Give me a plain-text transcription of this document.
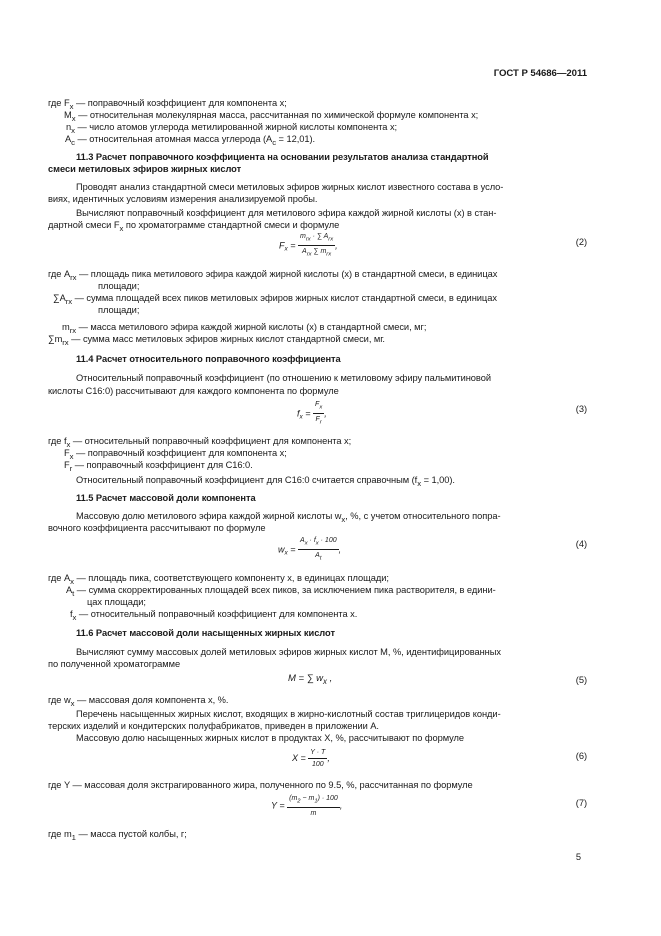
ГОСТ Р 54686—2011
где $F_x$ — поправочный коэффициент для компонента x;
$M_x$ — относительная молекулярная масса, рассчитанная по химической формуле компонента x;
$n_x$ — число атомов углерода метилированной жирной кислоты компонента x;
$A_c$ — относительная атомная масса углерода $(A_c = 12,01)$.
11.3 Расчет поправочного коэффициента на основании результатов анализа стандартной
смеси метиловых эфиров жирных кислот
Проводят анализ стандартной смеси метиловых эфиров жирных кислот известного состава в усло-
виях, идентичных условиям измерения анализируемой пробы.
Вычисляют поправочный коэффициент для метилового эфира каждой жирной кислоты (x) в стан-
дартной смеси $F_x$ по хроматограмме стандартной смеси и формуле
$F_x = \frac{m_{rx} \cdot \sum A_{rx}}{A_{rx} \sum m_{rx}}$ ,	(2)
где $A_{rx}$ — площадь пика метилового эфира каждой жирной кислоты (x) в стандартной смеси, в единицах
площади;
$\sum A_{rx}$ — сумма площадей всех пиков метиловых эфиров жирных кислот стандартной смеси, в единицах
площади;
$m_{rx}$ — масса метилового эфира каждой жирной кислоты (x) в стандартной смеси, мг;
$\sum m_{rx}$ — сумма масс метиловых эфиров жирных кислот стандартной смеси, мг.
11.4 Расчет относительного поправочного коэффициента
Относительный поправочный коэффициент (по отношению к метиловому эфиру пальмитиновой
кислоты С16:0) рассчитывают для каждого компонента по формуле
$f_x = \frac{F_x}{F_r}$ ,	(3)
где $f_x$ — относительный поправочный коэффициент для компонента x;
$F_x$ — поправочный коэффициент для компонента x;
$F_r$ — поправочный коэффициент для С16:0.
Относительный поправочный коэффициент для С16:0 считается справочным $(f_x = 1,00)$.
11.5 Расчет массовой доли компонента
Массовую долю метилового эфира каждой жирной кислоты $w_x$, %, с учетом относительного попра-
вочного коэффициента рассчитывают по формуле
$w_x = \frac{A_x \cdot f_x \cdot 100}{A_t}$ ,
(4)
где $A_x$ — площадь пика, соответствующего компоненту x, в единицах площади;
$A_t$ — сумма скорректированных площадей всех пиков, за исключением пика растворителя, в едини-
цах площади;
$f_x$ — относительный поправочный коэффициент для компонента x.
11.6 Расчет массовой доли насыщенных жирных кислот
Вычисляют сумму массовых долей метиловых эфиров жирных кислот M, %, идентифицированных
по полученной хроматограмме
M = ∑ $w_x$ ,	(5)
где $w_x$ — массовая доля компонента x, %.
Перечень насыщенных жирных кислот, входящих в жирно-кислотный состав триглицеридов конди-
терских изделий и кондитерских полуфабрикатов, приведен в приложении А.
Массовую долю насыщенных жирных кислот в продуктах X, %, рассчитывают по формуле
$X = \frac{Y \cdot T}{100}$ ,	(6)
где Y — массовая доля экстрагированного жира, полученного по 9.5, %, рассчитанная по формуле
$Y = \frac{(m_2 - m_1) \cdot 100}{m}$ ,	(7)
где $m_1$ — масса пустой колбы, г;
5
